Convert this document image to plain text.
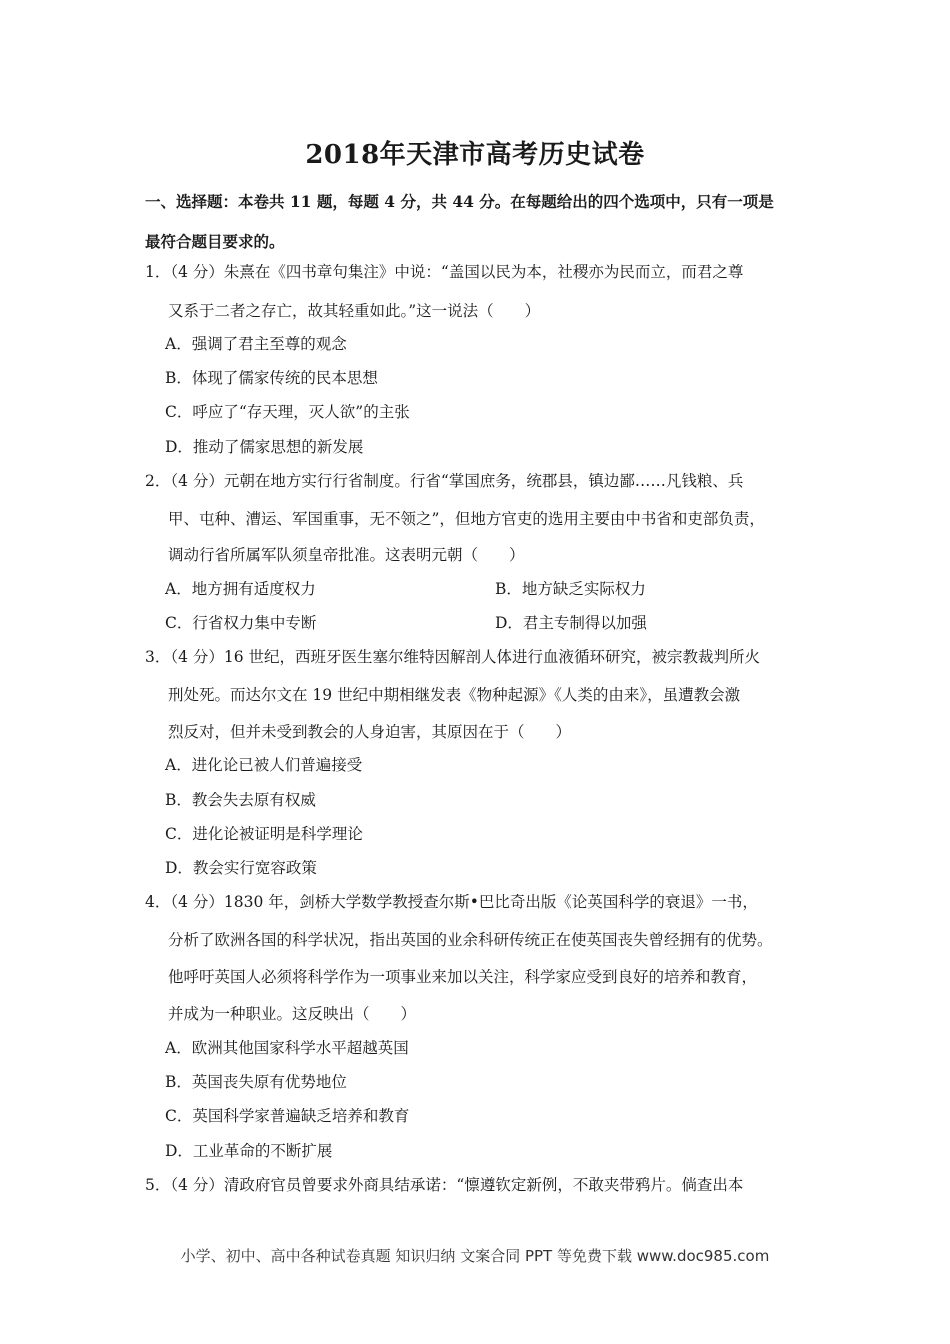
2018年天津市高考历史试卷
一、选择题：本卷共 11 题，每题 4 分，共 44 分。在每题给出的四个选项中，只有一项是
最符合题目要求的。
1．（4 分）朱熹在《四书章句集注》中说：“盖国以民为本，社稷亦为民而立，而君之尊
又系于二者之存亡，故其轻重如此。”这一说法（　　）
A．强调了君主至尊的观念
B．体现了儒家传统的民本思想
C．呼应了“存天理，灭人欲”的主张
D．推动了儒家思想的新发展
2．（4 分）元朝在地方实行行省制度。行省“掌国庶务，统郡县，镇边鄙……凡钱粮、兵
甲、屯种、漕运、军国重事，无不领之”，但地方官吏的选用主要由中书省和吏部负责，
调动行省所属军队须皇帝批准。这表明元朝（　　）
A．地方拥有适度权力	B．地方缺乏实际权力
C．行省权力集中专断	D．君主专制得以加强
3．（4 分）16 世纪，西班牙医生塞尔维特因解剖人体进行血液循环研究，被宗教裁判所火
刑处死。而达尔文在 19 世纪中期相继发表《物种起源》《人类的由来》，虽遭教会激
烈反对，但并未受到教会的人身迫害，其原因在于（　　）
A．进化论已被人们普遍接受
B．教会失去原有权威
C．进化论被证明是科学理论
D．教会实行宽容政策
4．（4 分）1830 年，剑桥大学数学教授查尔斯•巴比奇出版《论英国科学的衰退》一书，
分析了欧洲各国的科学状况，指出英国的业余科研传统正在使英国丧失曾经拥有的优势。
他呼吁英国人必须将科学作为一项事业来加以关注，科学家应受到良好的培养和教育，
并成为一种职业。这反映出（　　）
A．欧洲其他国家科学水平超越英国
B．英国丧失原有优势地位
C．英国科学家普遍缺乏培养和教育
D．工业革命的不断扩展
5．（4 分）清政府官员曾要求外商具结承诺：“懔遵钦定新例，不敢夹带鸦片。倘查出本
小学、初中、高中各种试卷真题 知识归纳 文案合同 PPT 等免费下载 www.doc985.com
